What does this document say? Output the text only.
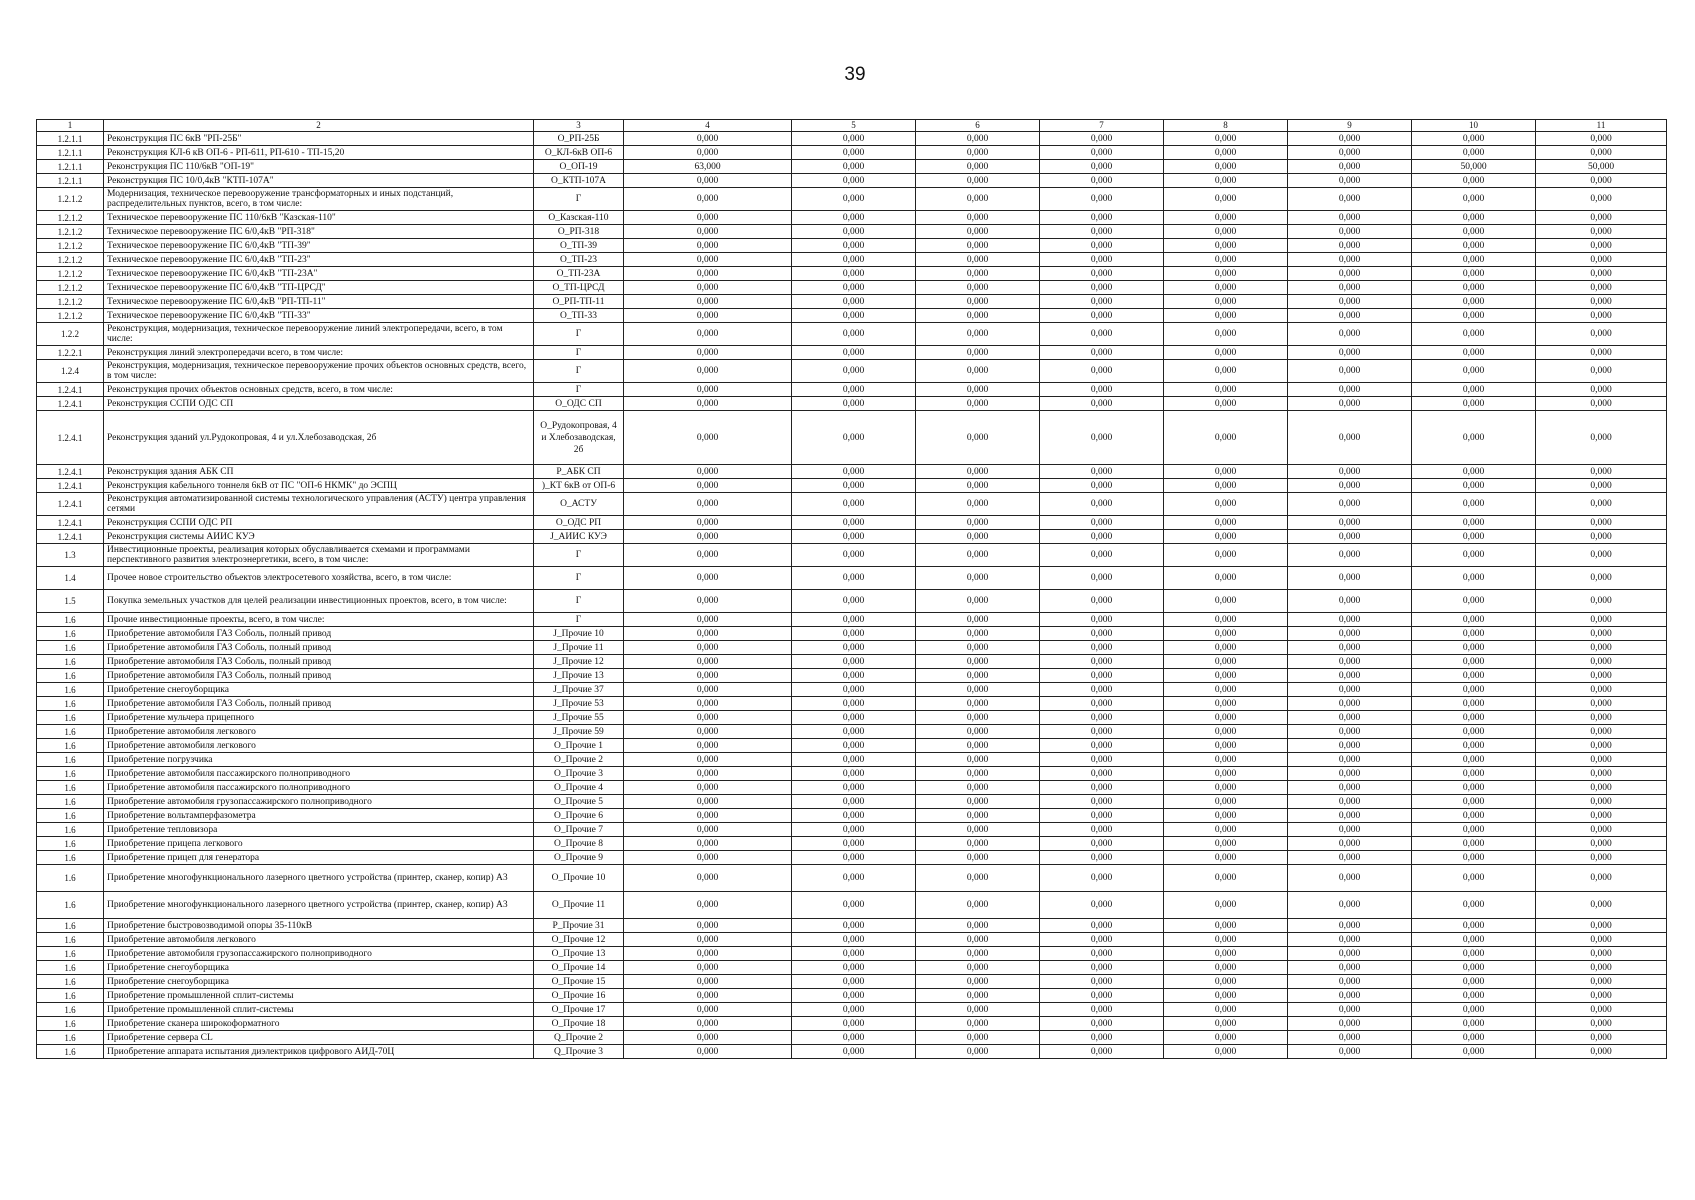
39
1	2	3	4	5	6	7	8	9	10	11
1.2.1.1	Реконструкция ПС 6кВ "РП-25Б"	О_РП-25Б	0,000	0,000	0,000	0,000	0,000	0,000	0,000	0,000
1.2.1.1	Реконструкция КЛ-6 кВ ОП-6 - РП-611, РП-610 - ТП-15,20	О_КЛ-6кВ ОП-6	0,000	0,000	0,000	0,000	0,000	0,000	0,000	0,000
1.2.1.1	Реконструкция ПС 110/6кВ "ОП-19"	О_ОП-19	63,000	0,000	0,000	0,000	0,000	0,000	50,000	50,000
1.2.1.1	Реконструкция ПС 10/0,4кВ "КТП-107А"	О_КТП-107А	0,000	0,000	0,000	0,000	0,000	0,000	0,000	0,000
1.2.1.2	Модернизация, техническое перевооружение трансформаторных и иных подстанций, распределительных пунктов, всего, в том числе:	Г	0,000	0,000	0,000	0,000	0,000	0,000	0,000	0,000
1.2.1.2	Техническое перевооружение ПС 110/6кВ "Казская-110"	О_Казская-110	0,000	0,000	0,000	0,000	0,000	0,000	0,000	0,000
1.2.1.2	Техническое перевооружение ПС 6/0,4кВ "РП-318"	О_РП-318	0,000	0,000	0,000	0,000	0,000	0,000	0,000	0,000
1.2.1.2	Техническое перевооружение ПС 6/0,4кВ "ТП-39"	О_ТП-39	0,000	0,000	0,000	0,000	0,000	0,000	0,000	0,000
1.2.1.2	Техническое перевооружение ПС 6/0,4кВ "ТП-23"	О_ТП-23	0,000	0,000	0,000	0,000	0,000	0,000	0,000	0,000
1.2.1.2	Техническое перевооружение ПС 6/0,4кВ "ТП-23А"	О_ТП-23А	0,000	0,000	0,000	0,000	0,000	0,000	0,000	0,000
1.2.1.2	Техническое перевооружение ПС 6/0,4кВ "ТП-ЦРСД"	О_ТП-ЦРСД	0,000	0,000	0,000	0,000	0,000	0,000	0,000	0,000
1.2.1.2	Техническое перевооружение ПС 6/0,4кВ "РП-ТП-11"	О_РП-ТП-11	0,000	0,000	0,000	0,000	0,000	0,000	0,000	0,000
1.2.1.2	Техническое перевооружение ПС 6/0,4кВ "ТП-33"	О_ТП-33	0,000	0,000	0,000	0,000	0,000	0,000	0,000	0,000
1.2.2	Реконструкция, модернизация, техническое перевооружение линий электропередачи, всего, в том числе:	Г	0,000	0,000	0,000	0,000	0,000	0,000	0,000	0,000
1.2.2.1	Реконструкция линий электропередачи всего, в том числе:	Г	0,000	0,000	0,000	0,000	0,000	0,000	0,000	0,000
1.2.4	Реконструкция, модернизация, техническое перевооружение прочих объектов основных средств, всего, в том числе:	Г	0,000	0,000	0,000	0,000	0,000	0,000	0,000	0,000
1.2.4.1	Реконструкция прочих объектов основных средств, всего, в том числе:	Г	0,000	0,000	0,000	0,000	0,000	0,000	0,000	0,000
1.2.4.1	Реконструкция ССПИ ОДС СП	О_ОДС СП	0,000	0,000	0,000	0,000	0,000	0,000	0,000	0,000
1.2.4.1	Реконструкция зданий ул.Рудокопровая, 4 и ул.Хлебозаводская, 2б	О_Рудокопровая, 4 и Хлебозаводская, 2б	0,000	0,000	0,000	0,000	0,000	0,000	0,000	0,000
1.2.4.1	Реконструкция здания АБК СП	Р_АБК СП	0,000	0,000	0,000	0,000	0,000	0,000	0,000	0,000
1.2.4.1	Реконструкция кабельного тоннеля 6кВ от ПС "ОП-6 НКМК" до ЭСПЦ	)_КТ 6кВ от ОП-6	0,000	0,000	0,000	0,000	0,000	0,000	0,000	0,000
1.2.4.1	Реконструкция автоматизированной системы технологического управления (АСТУ) центра управления сетями	О_АСТУ	0,000	0,000	0,000	0,000	0,000	0,000	0,000	0,000
1.2.4.1	Реконструкция ССПИ ОДС РП	О_ОДС РП	0,000	0,000	0,000	0,000	0,000	0,000	0,000	0,000
1.2.4.1	Реконструкция системы АИИС КУЭ	J_АИИС КУЭ	0,000	0,000	0,000	0,000	0,000	0,000	0,000	0,000
1.3	Инвестиционные проекты, реализация которых обуславливается схемами и программами перспективного развития электроэнергетики, всего, в том числе:	Г	0,000	0,000	0,000	0,000	0,000	0,000	0,000	0,000
1.4	Прочее новое строительство объектов электросетевого хозяйства, всего, в том числе:	Г	0,000	0,000	0,000	0,000	0,000	0,000	0,000	0,000
1.5	Покупка земельных участков для целей реализации инвестиционных проектов, всего, в том числе:	Г	0,000	0,000	0,000	0,000	0,000	0,000	0,000	0,000
1.6	Прочие инвестиционные проекты, всего, в том числе:	Г	0,000	0,000	0,000	0,000	0,000	0,000	0,000	0,000
1.6	Приобретение автомобиля ГАЗ Соболь, полный привод	J_Прочие 10	0,000	0,000	0,000	0,000	0,000	0,000	0,000	0,000
1.6	Приобретение автомобиля ГАЗ Соболь, полный привод	J_Прочие 11	0,000	0,000	0,000	0,000	0,000	0,000	0,000	0,000
1.6	Приобретение автомобиля ГАЗ Соболь, полный привод	J_Прочие 12	0,000	0,000	0,000	0,000	0,000	0,000	0,000	0,000
1.6	Приобретение автомобиля ГАЗ Соболь, полный привод	J_Прочие 13	0,000	0,000	0,000	0,000	0,000	0,000	0,000	0,000
1.6	Приобретение снегоуборщика	J_Прочие 37	0,000	0,000	0,000	0,000	0,000	0,000	0,000	0,000
1.6	Приобретение автомобиля ГАЗ Соболь, полный привод	J_Прочие 53	0,000	0,000	0,000	0,000	0,000	0,000	0,000	0,000
1.6	Приобретение мульчера прицепного	J_Прочие 55	0,000	0,000	0,000	0,000	0,000	0,000	0,000	0,000
1.6	Приобретение автомобиля легкового	J_Прочие 59	0,000	0,000	0,000	0,000	0,000	0,000	0,000	0,000
1.6	Приобретение автомобиля легкового	О_Прочие 1	0,000	0,000	0,000	0,000	0,000	0,000	0,000	0,000
1.6	Приобретение погрузчика	О_Прочие 2	0,000	0,000	0,000	0,000	0,000	0,000	0,000	0,000
1.6	Приобретение автомобиля пассажирского полноприводного	О_Прочие 3	0,000	0,000	0,000	0,000	0,000	0,000	0,000	0,000
1.6	Приобретение автомобиля пассажирского полноприводного	О_Прочие 4	0,000	0,000	0,000	0,000	0,000	0,000	0,000	0,000
1.6	Приобретение автомобиля грузопассажирского полноприводного	О_Прочие 5	0,000	0,000	0,000	0,000	0,000	0,000	0,000	0,000
1.6	Приобретение вольтамперфазометра	О_Прочие 6	0,000	0,000	0,000	0,000	0,000	0,000	0,000	0,000
1.6	Приобретение тепловизора	О_Прочие 7	0,000	0,000	0,000	0,000	0,000	0,000	0,000	0,000
1.6	Приобретение прицепа легкового	О_Прочие 8	0,000	0,000	0,000	0,000	0,000	0,000	0,000	0,000
1.6	Приобретение прицеп для генератора	О_Прочие 9	0,000	0,000	0,000	0,000	0,000	0,000	0,000	0,000
1.6	Приобретение многофункционального лазерного цветного устройства (принтер, сканер, копир) А3	О_Прочие 10	0,000	0,000	0,000	0,000	0,000	0,000	0,000	0,000
1.6	Приобретение многофункционального лазерного цветного устройства (принтер, сканер, копир) А3	О_Прочие 11	0,000	0,000	0,000	0,000	0,000	0,000	0,000	0,000
1.6	Приобретение быстровозводимой опоры 35-110кВ	Р_Прочие 31	0,000	0,000	0,000	0,000	0,000	0,000	0,000	0,000
1.6	Приобретение автомобиля легкового	О_Прочие 12	0,000	0,000	0,000	0,000	0,000	0,000	0,000	0,000
1.6	Приобретение автомобиля грузопассажирского полноприводного	О_Прочие 13	0,000	0,000	0,000	0,000	0,000	0,000	0,000	0,000
1.6	Приобретение снегоуборщика	О_Прочие 14	0,000	0,000	0,000	0,000	0,000	0,000	0,000	0,000
1.6	Приобретение снегоуборщика	О_Прочие 15	0,000	0,000	0,000	0,000	0,000	0,000	0,000	0,000
1.6	Приобретение промышленной сплит-системы	О_Прочие 16	0,000	0,000	0,000	0,000	0,000	0,000	0,000	0,000
1.6	Приобретение промышленной сплит-системы	О_Прочие 17	0,000	0,000	0,000	0,000	0,000	0,000	0,000	0,000
1.6	Приобретение сканера широкоформатного	О_Прочие 18	0,000	0,000	0,000	0,000	0,000	0,000	0,000	0,000
1.6	Приобретение сервера CL	Q_Прочие 2	0,000	0,000	0,000	0,000	0,000	0,000	0,000	0,000
1.6	Приобретение аппарата испытания диэлектриков цифрового АИД-70Ц	Q_Прочие 3	0,000	0,000	0,000	0,000	0,000	0,000	0,000	0,000
